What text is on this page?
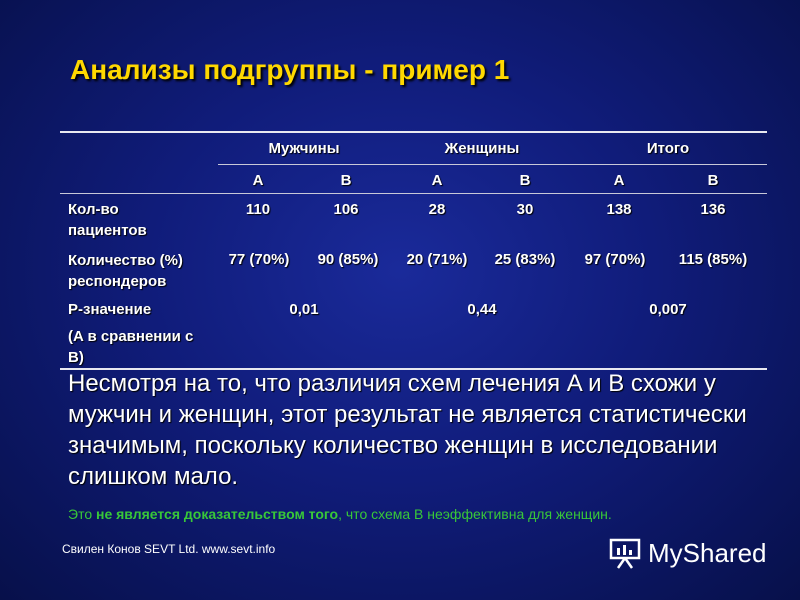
Анализы подгруппы - пример 1
Мужчины	Женщины	Итого
A	B	A	B	A	B
Кол-во пациентов
110	106	28	30	138	136
Количество (%) респондеров
77 (70%) 90 (85%) 20 (71%) 25 (83%) 97 (70%) 115 (85%)
P-значение
(A в сравнении с B)
0,01	0,44	0,007

Несмотря на то, что различия схем лечения A и B схожи у мужчин и женщин, этот результат не является статистически значимым, поскольку количество женщин в исследовании слишком мало.

Это не является доказательством того, что схема B неэффективна для женщин.
Свилен Конов SEVT Ltd. www.sevt.info	MyShared
